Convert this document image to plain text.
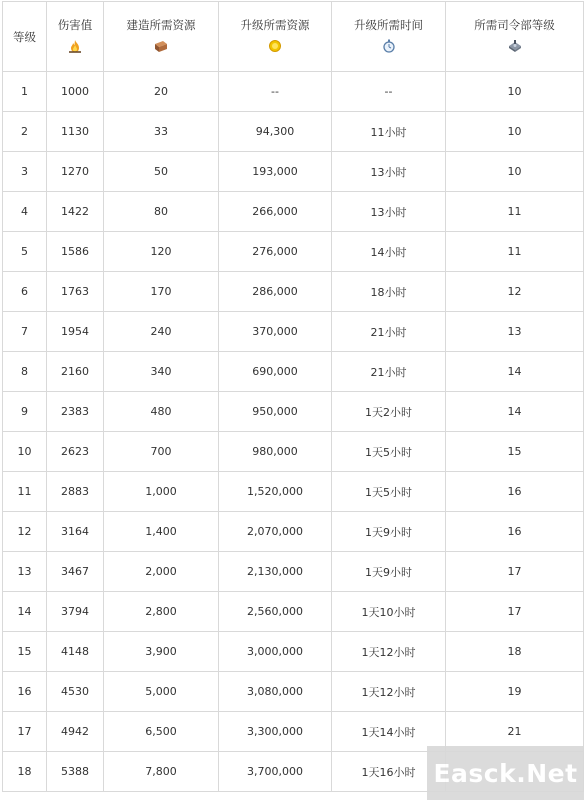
等级	伤害值	建造所需资源	升级所需资源	升级所需时间	所需司令部等级

1	1000	20	--	--	10
2	1130	33	94,300	11小时	10
3	1270	50	193,000	13小时	10
4	1422	80	266,000	13小时	11
5	1586	120	276,000	14小时	11
6	1763	170	286,000	18小时	12
7	1954	240	370,000	21小时	13
8	2160	340	690,000	21小时	14
9	2383	480	950,000	1天2小时	14
10	2623	700	980,000	1天5小时	15
11	2883	1,000	1,520,000	1天5小时	16
12	3164	1,400	2,070,000	1天9小时	16
13	3467	2,000	2,130,000	1天9小时	17
14	3794	2,800	2,560,000	1天10小时	17
15	4148	3,900	3,000,000	1天12小时	18
16	4530	5,000	3,080,000	1天12小时	19
17	4942	6,500	3,300,000	1天14小时	21
18	5388	7,800	3,700,000	1天16小时	Easck.Net
